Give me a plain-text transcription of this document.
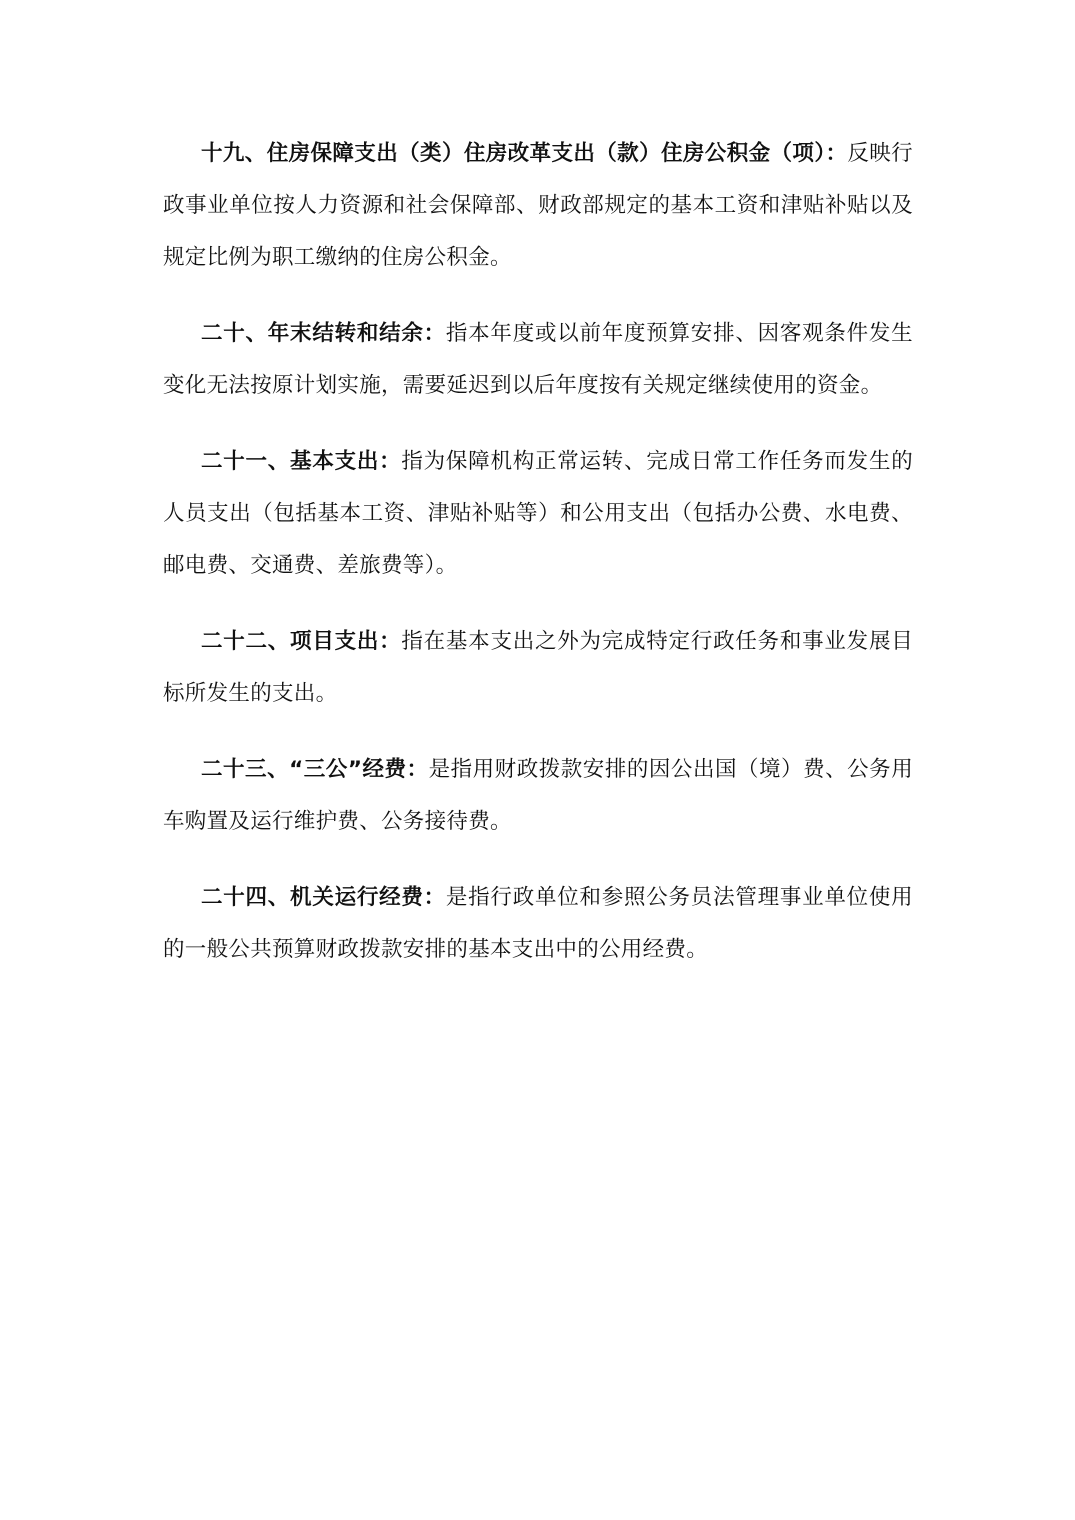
十九、住房保障支出（类）住房改革支出（款）住房公积金（项）：反映行政事业单位按人力资源和社会保障部、财政部规定的基本工资和津贴补贴以及规定比例为职工缴纳的住房公积金。

二十、年末结转和结余：指本年度或以前年度预算安排、因客观条件发生变化无法按原计划实施，需要延迟到以后年度按有关规定继续使用的资金。

二十一、基本支出：指为保障机构正常运转、完成日常工作任务而发生的人员支出（包括基本工资、津贴补贴等）和公用支出（包括办公费、水电费、邮电费、交通费、差旅费等）。

二十二、项目支出：指在基本支出之外为完成特定行政任务和事业发展目标所发生的支出。

二十三、“三公”经费：是指用财政拨款安排的因公出国（境）费、公务用车购置及运行维护费、公务接待费。

二十四、机关运行经费：是指行政单位和参照公务员法管理事业单位使用的一般公共预算财政拨款安排的基本支出中的公用经费。
